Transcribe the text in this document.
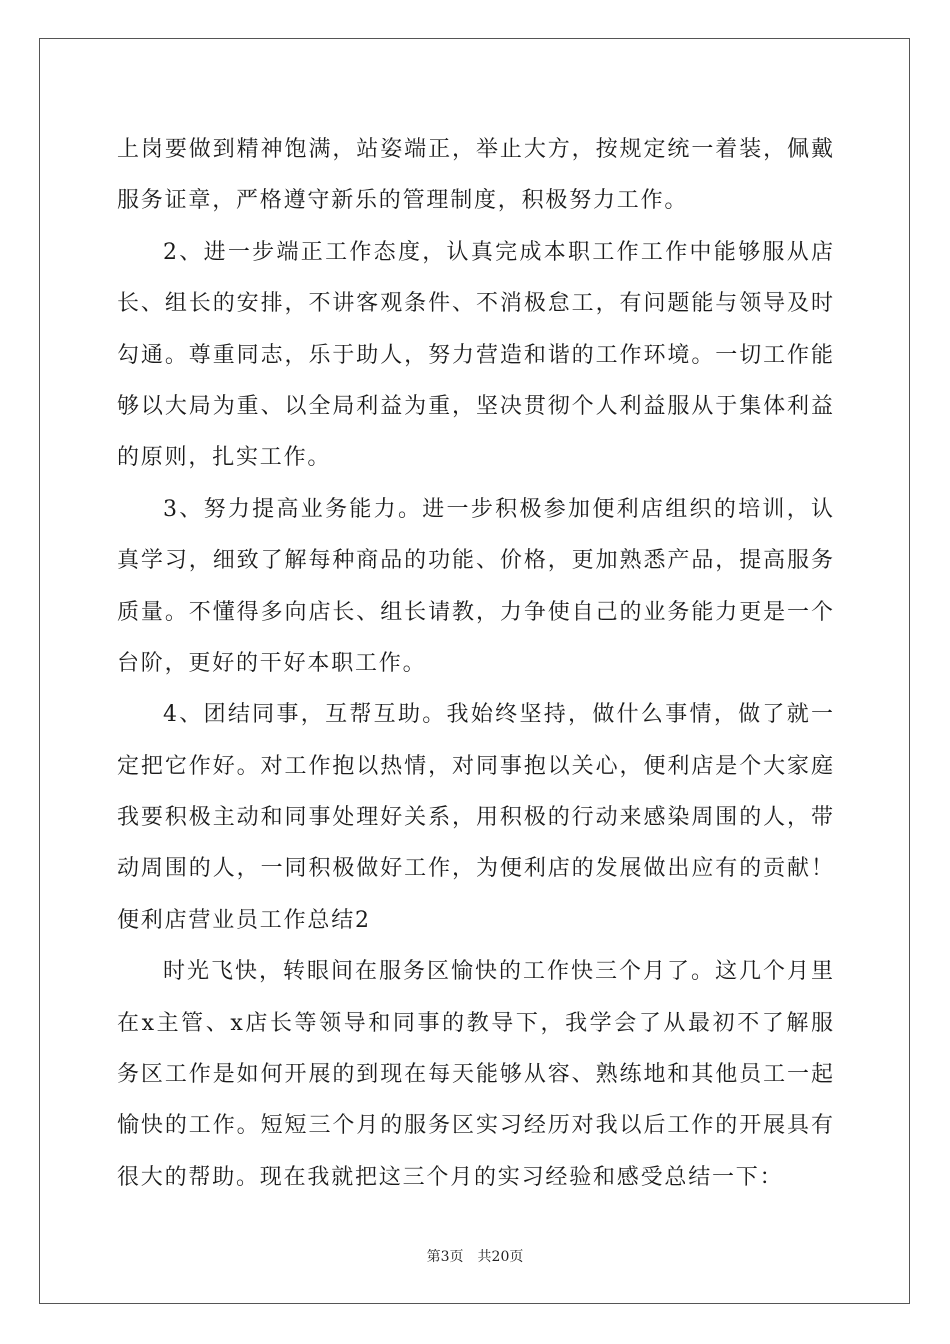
上岗要做到精神饱满，站姿端正，举止大方，按规定统一着装，佩戴
服务证章，严格遵守新乐的管理制度，积极努力工作。
2、进一步端正工作态度，认真完成本职工作工作中能够服从店
长、组长的安排，不讲客观条件、不消极怠工，有问题能与领导及时
勾通。尊重同志，乐于助人，努力营造和谐的工作环境。一切工作能
够以大局为重、以全局利益为重，坚决贯彻个人利益服从于集体利益
的原则，扎实工作。
3、努力提高业务能力。进一步积极参加便利店组织的培训，认
真学习，细致了解每种商品的功能、价格，更加熟悉产品，提高服务
质量。不懂得多向店长、组长请教，力争使自己的业务能力更是一个
台阶，更好的干好本职工作。
4、团结同事，互帮互助。我始终坚持，做什么事情，做了就一
定把它作好。对工作抱以热情，对同事抱以关心，便利店是个大家庭
我要积极主动和同事处理好关系，用积极的行动来感染周围的人，带
动周围的人，一同积极做好工作，为便利店的发展做出应有的贡献！
便利店营业员工作总结2
时光飞快，转眼间在服务区愉快的工作快三个月了。这几个月里
在x主管、x店长等领导和同事的教导下，我学会了从最初不了解服
务区工作是如何开展的到现在每天能够从容、熟练地和其他员工一起
愉快的工作。短短三个月的服务区实习经历对我以后工作的开展具有
很大的帮助。现在我就把这三个月的实习经验和感受总结一下：
第3页 共20页
